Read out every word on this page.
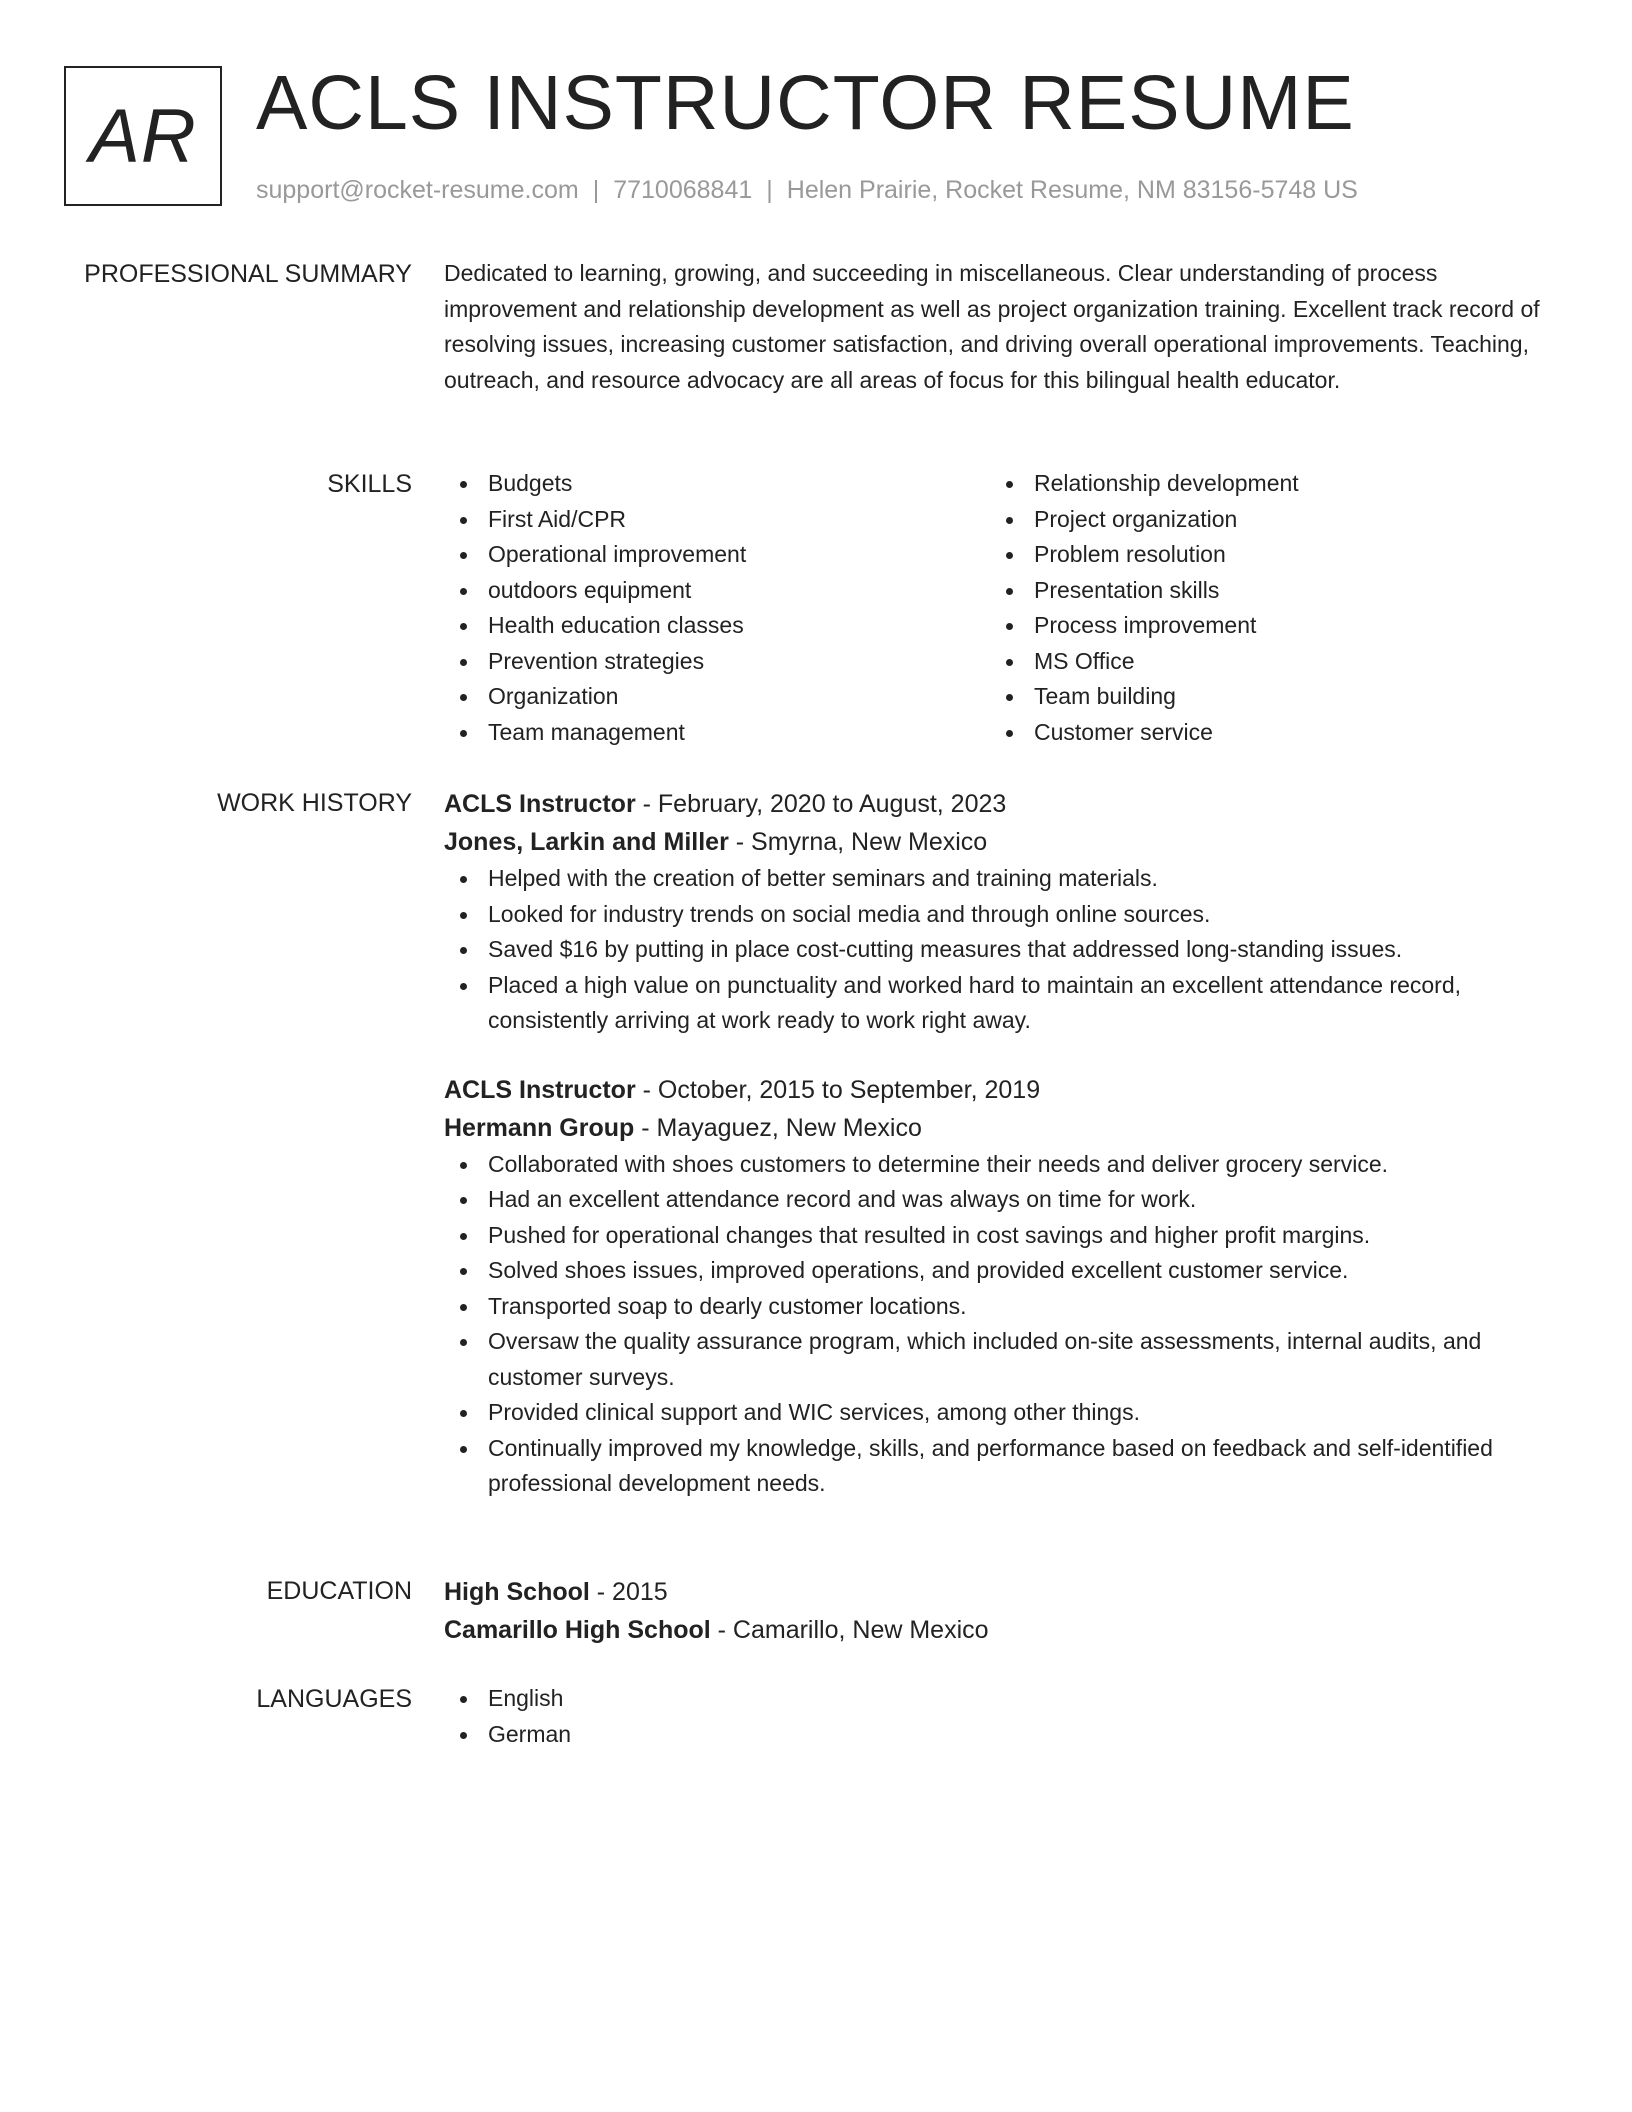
AR ACLS INSTRUCTOR RESUME
support@rocket-resume.com | 7710068841 | Helen Prairie, Rocket Resume, NM 83156-5748 US
PROFESSIONAL SUMMARY Dedicated to learning, growing, and succeeding in miscellaneous. Clear understanding of process improvement and relationship development as well as project organization training. Excellent track record of resolving issues, increasing customer satisfaction, and driving overall operational improvements. Teaching, outreach, and resource advocacy are all areas of focus for this bilingual health educator.

SKILLS	Budgets
First Aid/CPR
Operational improvement
outdoors equipment
Health education classes
Prevention strategies
Organization
Team management
Relationship development
Project organization
Problem resolution
Presentation skills
Process improvement
MS Office
Team building
Customer service
WORK HISTORY ACLS Instructor - February, 2020 to August, 2023
Jones, Larkin and Miller - Smyrna, New Mexico
Helped with the creation of better seminars and training materials.
Looked for industry trends on social media and through online sources.
Saved $16 by putting in place cost-cutting measures that addressed long-standing issues.
Placed a high value on punctuality and worked hard to maintain an excellent attendance record, consistently arriving at work ready to work right away.
ACLS Instructor - October, 2015 to September, 2019
Hermann Group - Mayaguez, New Mexico
Collaborated with shoes customers to determine their needs and deliver grocery service.
Had an excellent attendance record and was always on time for work.
Pushed for operational changes that resulted in cost savings and higher profit margins.
Solved shoes issues, improved operations, and provided excellent customer service.
Transported soap to dearly customer locations.
Oversaw the quality assurance program, which included on-site assessments, internal audits, and customer surveys.
Provided clinical support and WIC services, among other things.
Continually improved my knowledge, skills, and performance based on feedback and self-identified professional development needs.
EDUCATION High School - 2015
Camarillo High School - Camarillo, New Mexico
LANGUAGES	English
German
